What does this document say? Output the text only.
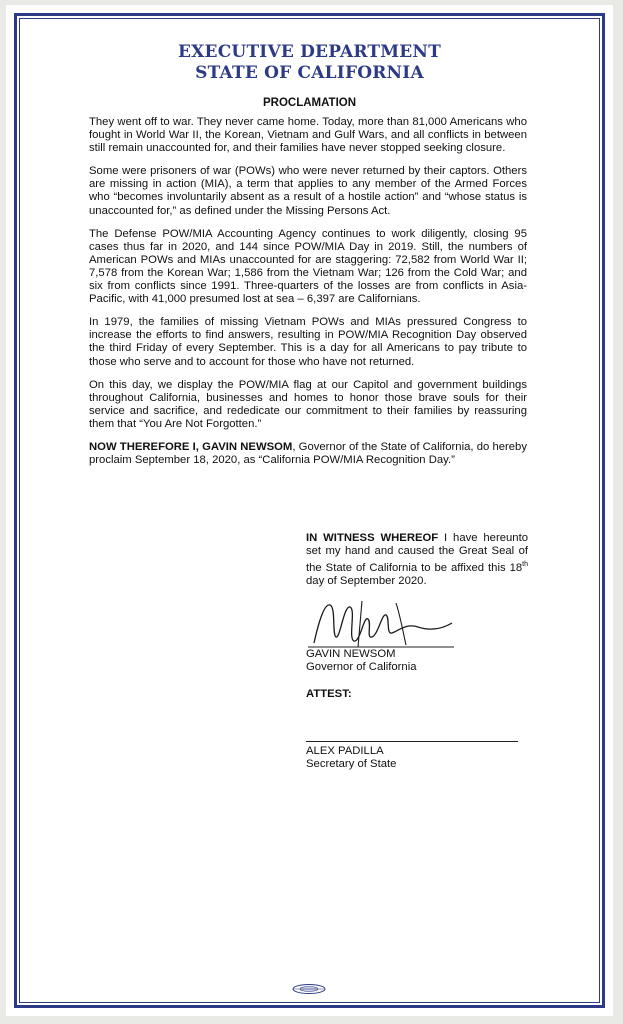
EXECUTIVE DEPARTMENT
STATE OF CALIFORNIA
PROCLAMATION

They went off to war. They never came home. Today, more than 81,000 Americans who fought in World War II, the Korean, Vietnam and Gulf Wars, and all conflicts in between still remain unaccounted for, and their families have never stopped seeking closure.

Some were prisoners of war (POWs) who were never returned by their captors. Others are missing in action (MIA), a term that applies to any member of the Armed Forces who “becomes involuntarily absent as a result of a hostile action” and “whose status is unaccounted for,” as defined under the Missing Persons Act.

The Defense POW/MIA Accounting Agency continues to work diligently, closing 95 cases thus far in 2020, and 144 since POW/MIA Day in 2019. Still, the numbers of American POWs and MIAs unaccounted for are staggering: 72,582 from World War II; 7,578 from the Korean War; 1,586 from the Vietnam War; 126 from the Cold War; and six from conflicts since 1991. Three-quarters of the losses are from conflicts in Asia-Pacific, with 41,000 presumed lost at sea – 6,397 are Californians.

In 1979, the families of missing Vietnam POWs and MIAs pressured Congress to increase the efforts to find answers, resulting in POW/MIA Recognition Day observed the third Friday of every September. This is a day for all Americans to pay tribute to those who serve and to account for those who have not returned.

On this day, we display the POW/MIA flag at our Capitol and government buildings throughout California, businesses and homes to honor those brave souls for their service and sacrifice, and rededicate our commitment to their families by reassuring them that “You Are Not Forgotten.”

NOW THEREFORE I, GAVIN NEWSOM, Governor of the State of California, do hereby proclaim September 18, 2020, as “California POW/MIA Recognition Day.”

IN WITNESS WHEREOF I have hereunto set my hand and caused the Great Seal of the State of California to be affixed this 18th day of September 2020.
GAVIN NEWSOM
Governor of California
ATTEST:
ALEX PADILLA
Secretary of State
